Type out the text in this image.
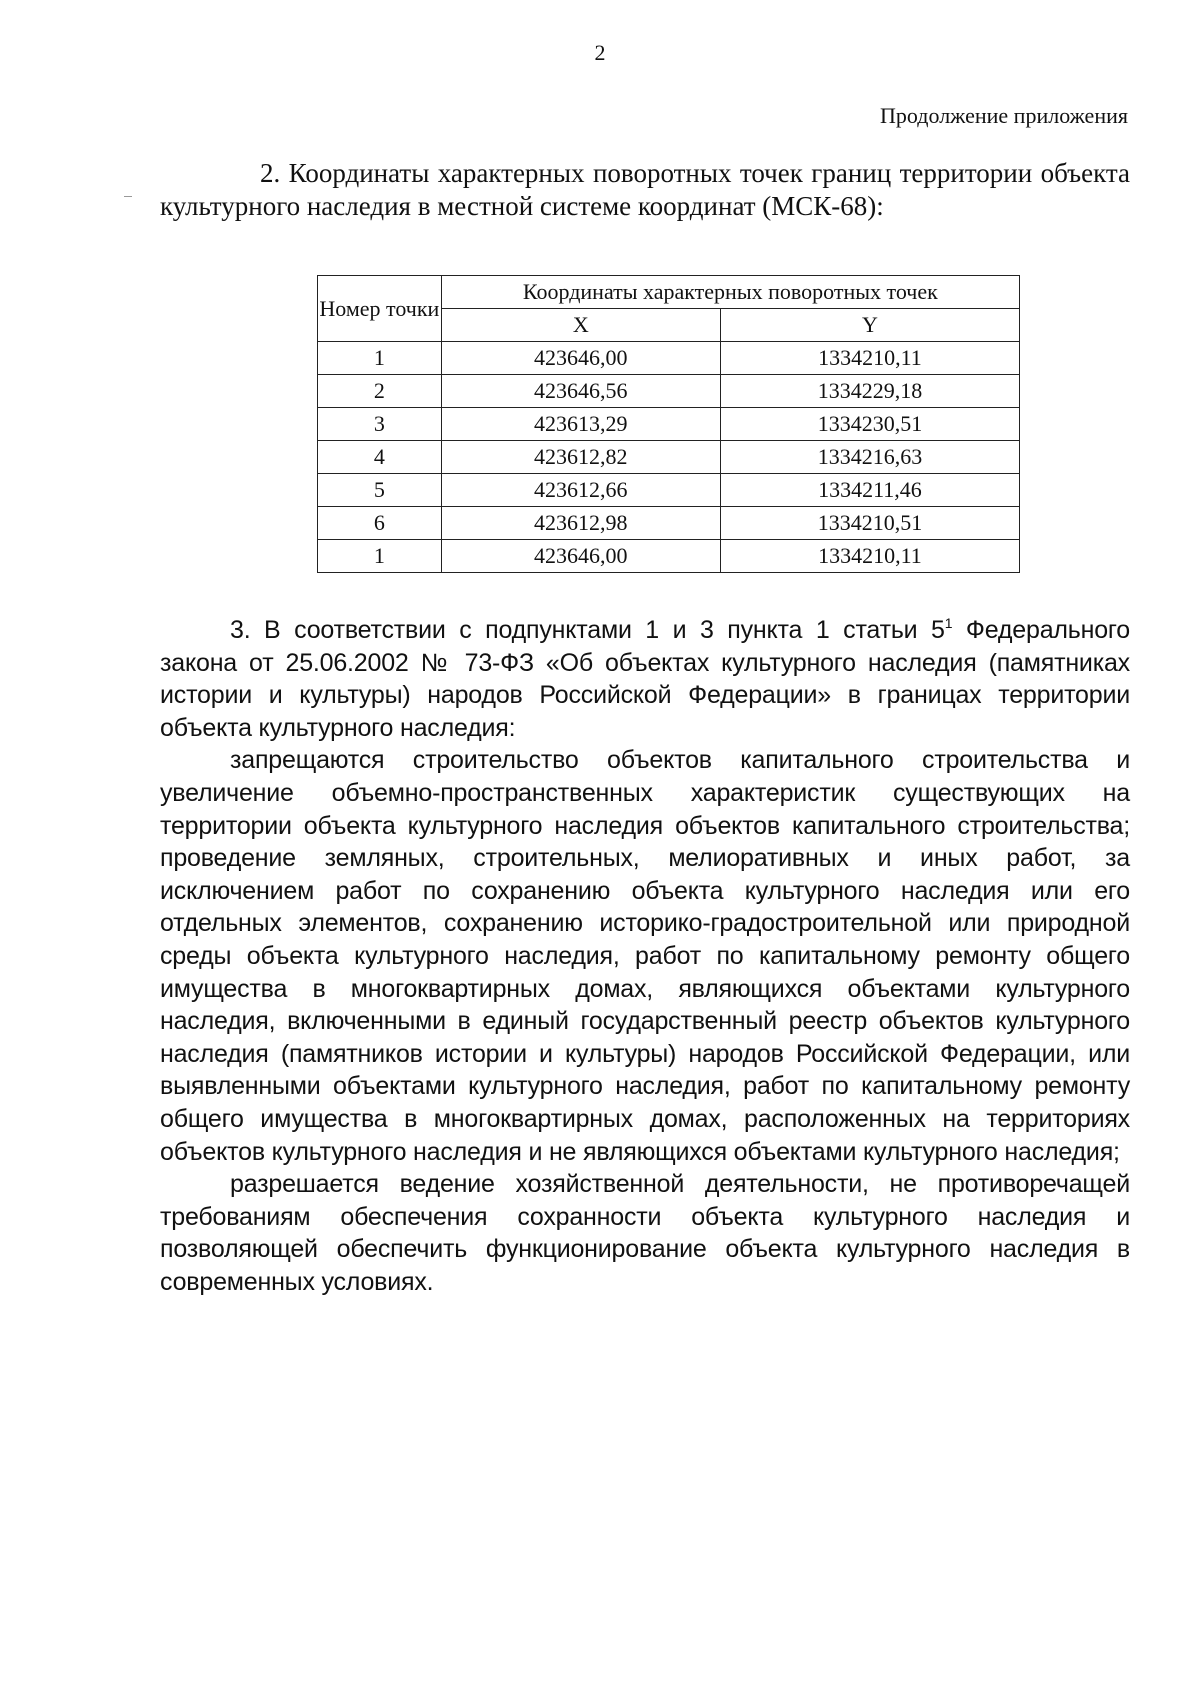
2
Продолжение приложения
2. Координаты характерных поворотных точек границ территории объекта культурного наследия в местной системе координат (МСК-68):
Номер точки	Координаты характерных поворотных точек	
	X	Y
1	423646,00	1334210,11
2	423646,56	1334229,18
3	423613,29	1334230,51
4	423612,82	1334216,63
5	423612,66	1334211,46
6	423612,98	1334210,51
1	423646,00	1334210,11

3. В соответствии с подпунктами 1 и 3 пункта 1 статьи $5^1$ Федерального закона от 25.06.2002 № 73-ФЗ «Об объектах культурного наследия (памятниках истории и культуры) народов Российской Федерации» в границах территории объекта культурного наследия:

запрещаются строительство объектов капитального строительства и увеличение объемно-пространственных характеристик существующих на территории объекта культурного наследия объектов капитального строительства; проведение земляных, строительных, мелиоративных и иных работ, за исключением работ по сохранению объекта культурного наследия или его отдельных элементов, сохранению историко-градостроительной или природной среды объекта культурного наследия, работ по капитальному ремонту общего имущества в многоквартирных домах, являющихся объектами культурного наследия, включенными в единый государственный реестр объектов культурного наследия (памятников истории и культуры) народов Российской Федерации, или выявленными объектами культурного наследия, работ по капитальному ремонту общего имущества в многоквартирных домах, расположенных на территориях объектов культурного наследия и не являющихся объектами культурного наследия;

разрешается ведение хозяйственной деятельности, не противоречащей требованиям обеспечения сохранности объекта культурного наследия и позволяющей обеспечить функционирование объекта культурного наследия в современных условиях.
